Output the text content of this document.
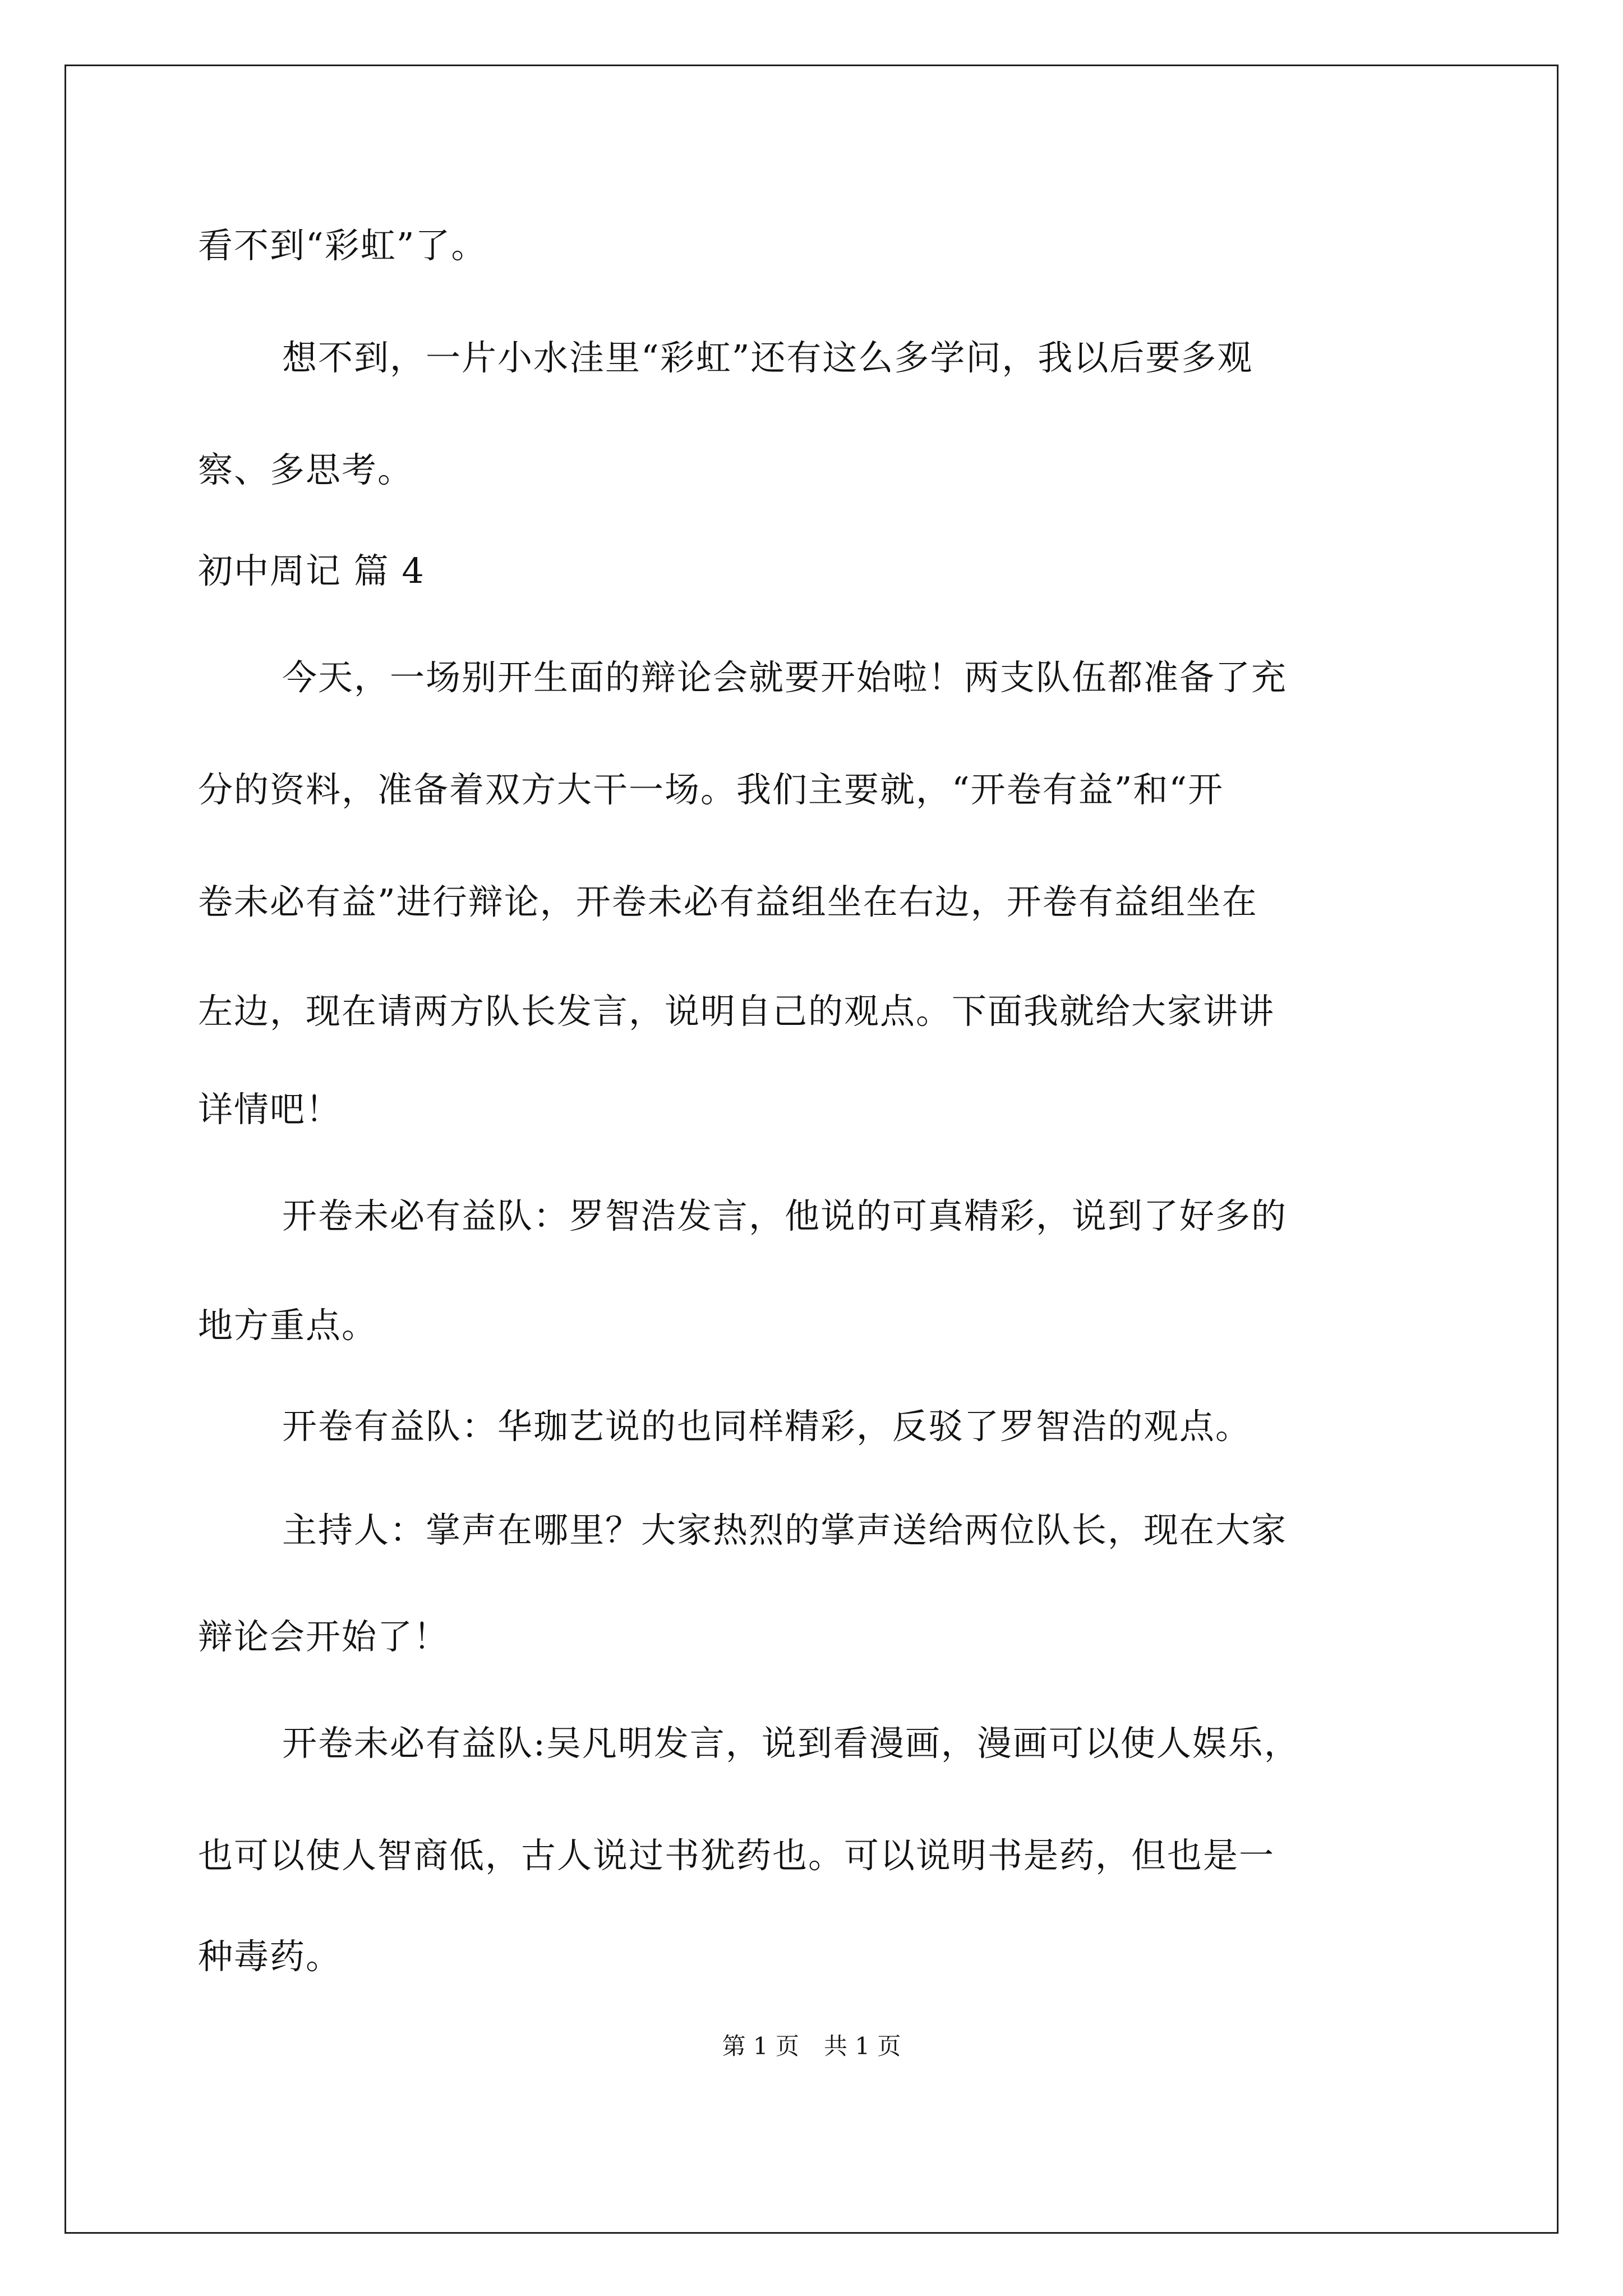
看不到“彩虹”了。
想不到，一片小水洼里“彩虹”还有这么多学问，我以后要多观
察、多思考。
初中周记 篇 4
今天，一场别开生面的辩论会就要开始啦！两支队伍都准备了充
分的资料，准备着双方大干一场。我们主要就，“开卷有益”和“开
卷未必有益”进行辩论，开卷未必有益组坐在右边，开卷有益组坐在
左边，现在请两方队长发言，说明自己的观点。下面我就给大家讲讲
详情吧！
开卷未必有益队：罗智浩发言，他说的可真精彩，说到了好多的
地方重点。
开卷有益队：华珈艺说的也同样精彩，反驳了罗智浩的观点。
主持人：掌声在哪里？大家热烈的掌声送给两位队长，现在大家
辩论会开始了！
开卷未必有益队:吴凡明发言，说到看漫画，漫画可以使人娱乐，
也可以使人智商低，古人说过书犹药也。可以说明书是药，但也是一
种毒药。
第 1 页 共 1 页
